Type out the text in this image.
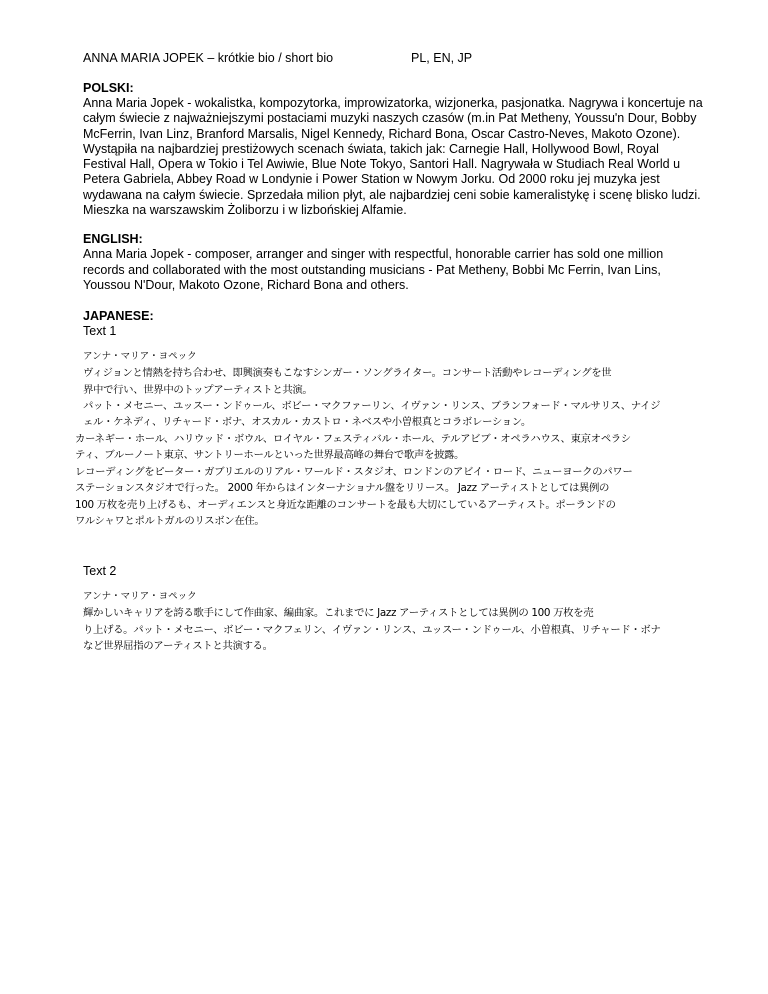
ANNA MARIA JOPEK – krótkie bio / short bio	PL, EN, JP
POLSKI:

Anna Maria Jopek - wokalistka, kompozytorka, improwizatorka, wizjonerka, pasjonatka. Nagrywa i koncertuje na całym świecie z najważniejszymi postaciami muzyki naszych czasów (m.in Pat Metheny, Youssu'n Dour, Bobby McFerrin, Ivan Linz, Branford Marsalis, Nigel Kennedy, Richard Bona, Oscar Castro-Neves, Makoto Ozone). Wystąpiła na najbardziej prestiżowych scenach świata, takich jak: Carnegie Hall, Hollywood Bowl, Royal Festival Hall, Opera w Tokio i Tel Awiwie, Blue Note Tokyo, Santori Hall. Nagrywała w Studiach Real World u Petera Gabriela, Abbey Road w Londynie i Power Station w Nowym Jorku. Od 2000 roku jej muzyka jest wydawana na całym świecie. Sprzedała milion płyt, ale najbardziej ceni sobie kameralistykę i scenę blisko ludzi. Mieszka na warszawskim Żoliborzu i w lizbońskiej Alfamie.

ENGLISH:

Anna Maria Jopek - composer, arranger and singer with respectful, honorable carrier has sold one million records and collaborated with the most outstanding musicians - Pat Metheny, Bobbi Mc Ferrin, Ivan Lins, Youssou N'Dour, Makoto Ozone, Richard Bona and others.

JAPANESE:
Text 1
アンナ・マリア・ヨペック
ヴィジョンと情熱を持ち合わせ、即興演奏もこなすシンガー・ソングライター。コンサート活動やレコーディングを世
界中で行い、世界中のトップアーティストと共演。
パット・メセニー、ユッスー・ンドゥール、ボビー・マクファーリン、イヴァン・リンス、ブランフォード・マルサリス、ナイジ
ェル・ケネディ、リチャード・ボナ、オスカル・カストロ・ネベスや小曽根真とコラボレーション。
カーネギー・ホール、ハリウッド・ボウル、ロイヤル・フェスティバル・ホール、テルアビブ・オペラハウス、東京オペラシ
ティ、ブルーノート東京、サントリーホールといった世界最高峰の舞台で歌声を披露。
レコーディングをピーター・ガブリエルのリアル・ワールド・スタジオ、ロンドンのアビイ・ロード、ニューヨークのパワー
ステーションスタジオで行った。 2000 年からはインターナショナル盤をリリース。 Jazz アーティストとしては異例の
100 万枚を売り上げるも、オーディエンスと身近な距離のコンサートを最も大切にしているアーティスト。ポーランドの
ワルシャワとポルトガルのリスボン在住。
Text 2
アンナ・マリア・ヨペック
輝かしいキャリアを誇る歌手にして作曲家、編曲家。これまでに Jazz アーティストとしては異例の 100 万枚を売
り上げる。パット・メセニー、ボビー・マクフェリン、イヴァン・リンス、ユッスー・ンドゥール、小曽根真、リチャード・ボナ
など世界屈指のアーティストと共演する。
